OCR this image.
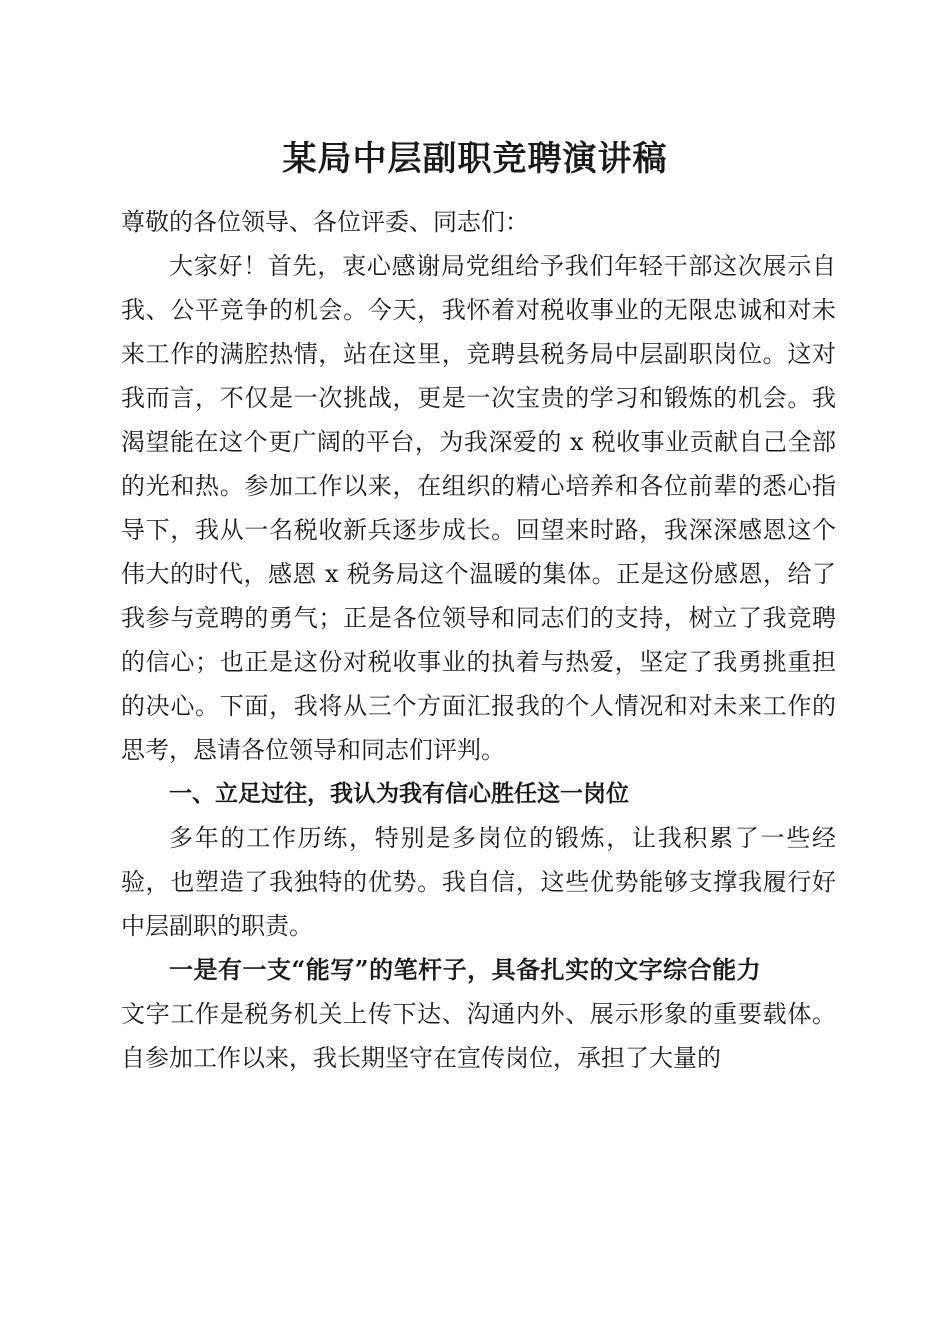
某局中层副职竞聘演讲稿

尊敬的各位领导、各位评委、同志们：

大家好！首先，衷心感谢局党组给予我们年轻干部这次展示自我、公平竞争的机会。今天，我怀着对税收事业的无限忠诚和对未来工作的满腔热情，站在这里，竞聘县税务局中层副职岗位。这对我而言，不仅是一次挑战，更是一次宝贵的学习和锻炼的机会。我渴望能在这个更广阔的平台，为我深爱的 x 税收事业贡献自己全部的光和热。参加工作以来，在组织的精心培养和各位前辈的悉心指导下，我从一名税收新兵逐步成长。回望来时路，我深深感恩这个伟大的时代，感恩 x 税务局这个温暖的集体。正是这份感恩，给了我参与竞聘的勇气；正是各位领导和同志们的支持，树立了我竞聘的信心；也正是这份对税收事业的执着与热爱，坚定了我勇挑重担的决心。下面，我将从三个方面汇报我的个人情况和对未来工作的思考，恳请各位领导和同志们评判。

一、立足过往，我认为我有信心胜任这一岗位

多年的工作历练，特别是多岗位的锻炼，让我积累了一些经验，也塑造了我独特的优势。我自信，这些优势能够支撑我履行好中层副职的职责。

一是有一支“能写”的笔杆子，具备扎实的文字综合能力

文字工作是税务机关上传下达、沟通内外、展示形象的重要载体。自参加工作以来，我长期坚守在宣传岗位，承担了大量的
